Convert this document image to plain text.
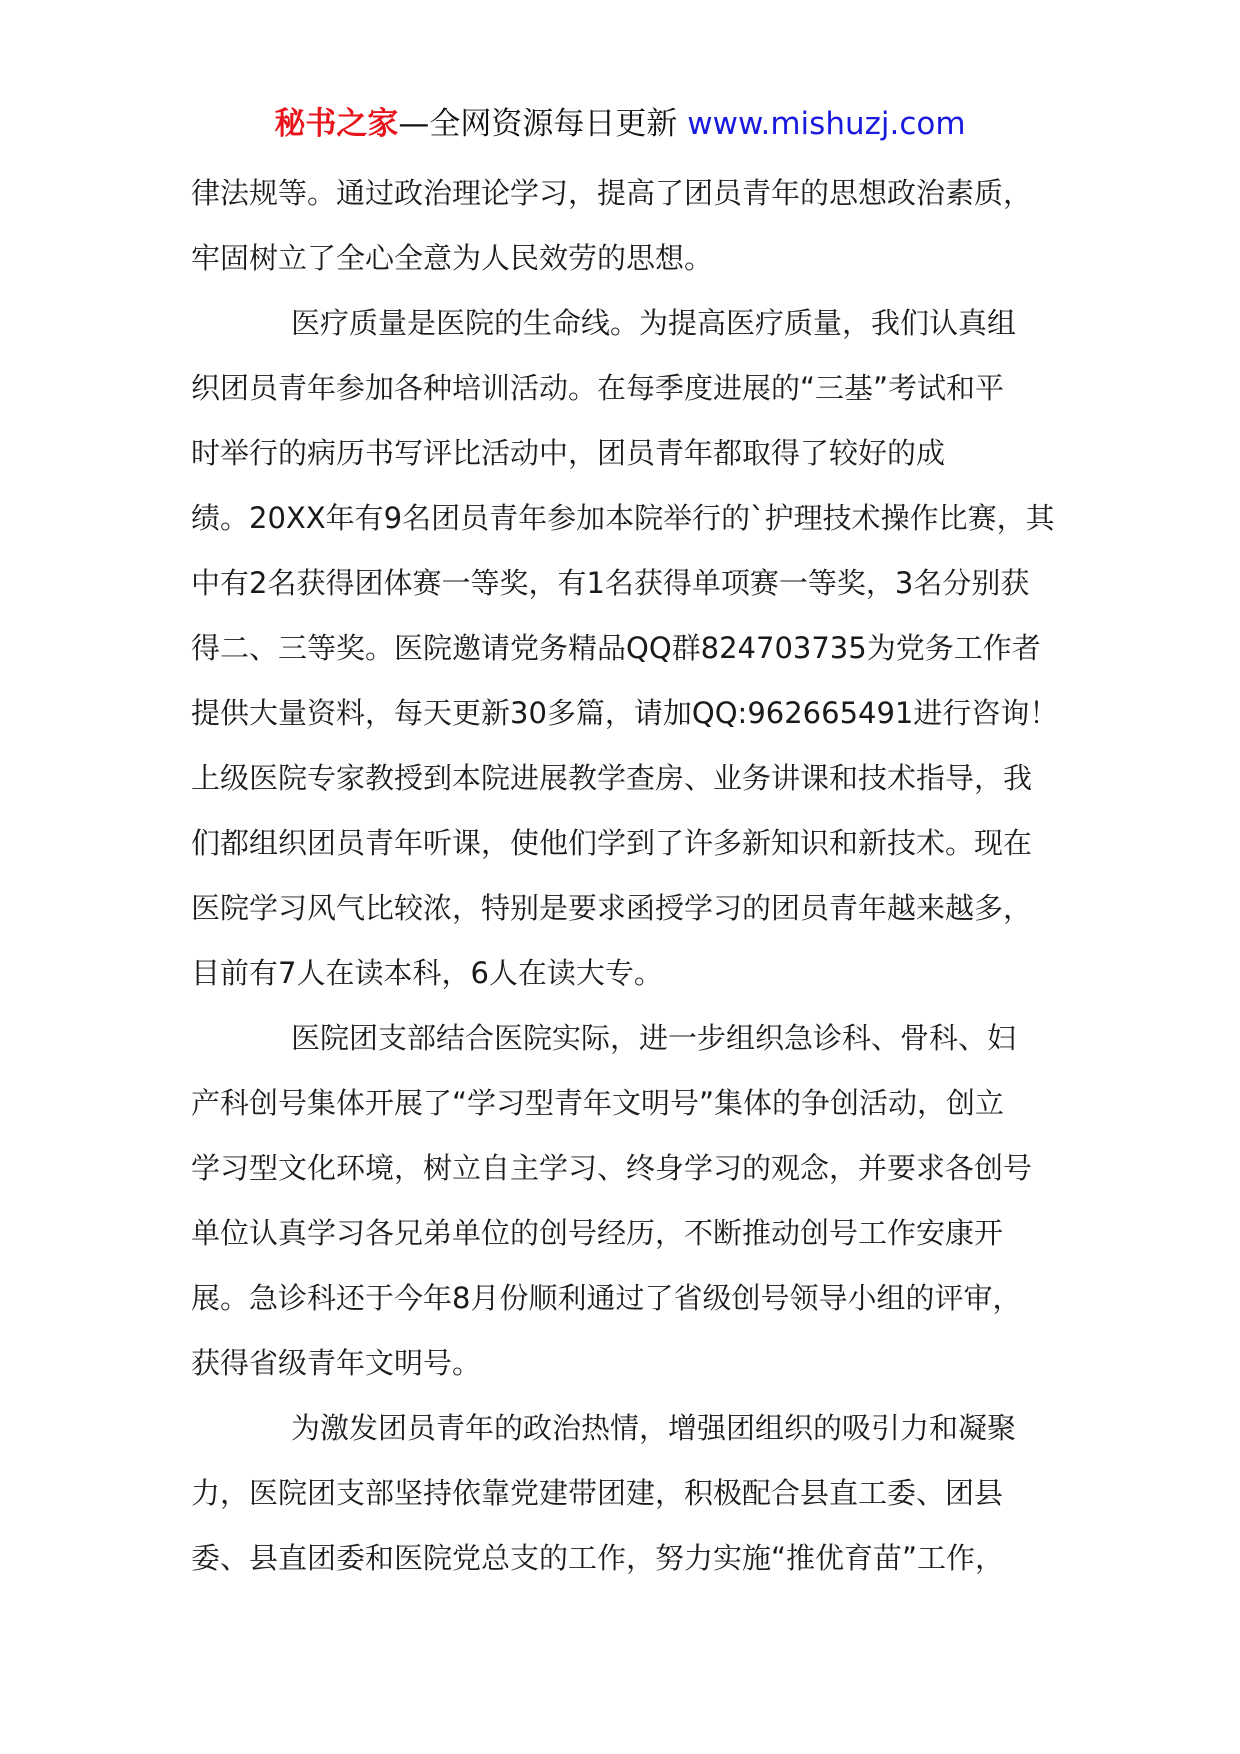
秘书之家—全网资源每日更新 www.mishuzj.com
律法规等。通过政治理论学习，提高了团员青年的思想政治素质，
牢固树立了全心全意为人民效劳的思想。
医疗质量是医院的生命线。为提高医疗质量，我们认真组
织团员青年参加各种培训活动。在每季度进展的“三基”考试和平
时举行的病历书写评比活动中，团员青年都取得了较好的成
绩。20XX年有9名团员青年参加本院举行的`护理技术操作比赛，其
中有2名获得团体赛一等奖，有1名获得单项赛一等奖，3名分别获
得二、三等奖。医院邀请党务精品QQ群824703735为党务工作者
提供大量资料，每天更新30多篇，请加QQ:962665491进行咨询！
上级医院专家教授到本院进展教学查房、业务讲课和技术指导，我
们都组织团员青年听课，使他们学到了许多新知识和新技术。现在
医院学习风气比较浓，特别是要求函授学习的团员青年越来越多，
目前有7人在读本科，6人在读大专。
医院团支部结合医院实际，进一步组织急诊科、骨科、妇
产科创号集体开展了“学习型青年文明号”集体的争创活动，创立
学习型文化环境，树立自主学习、终身学习的观念，并要求各创号
单位认真学习各兄弟单位的创号经历，不断推动创号工作安康开
展。急诊科还于今年8月份顺利通过了省级创号领导小组的评审，
获得省级青年文明号。
为激发团员青年的政治热情，增强团组织的吸引力和凝聚
力，医院团支部坚持依靠党建带团建，积极配合县直工委、团县
委、县直团委和医院党总支的工作，努力实施“推优育苗”工作，
